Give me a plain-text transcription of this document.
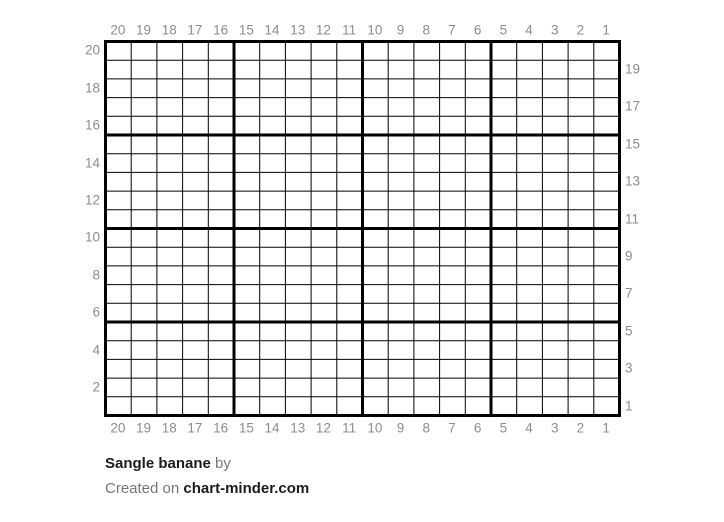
20 19 18 17 16 15 14 13 12 11 10 9 8 7 6 5 4 3 2 1
20 19 18 17 16 15 14 13 12 11 10 9 8 7 6 5 4 3 2 1
20
18
16
14
12
10
8
6
4
2
19
17
15
13
11
9
7
5
3
1
Sangle banane by
Created on chart-minder.com
